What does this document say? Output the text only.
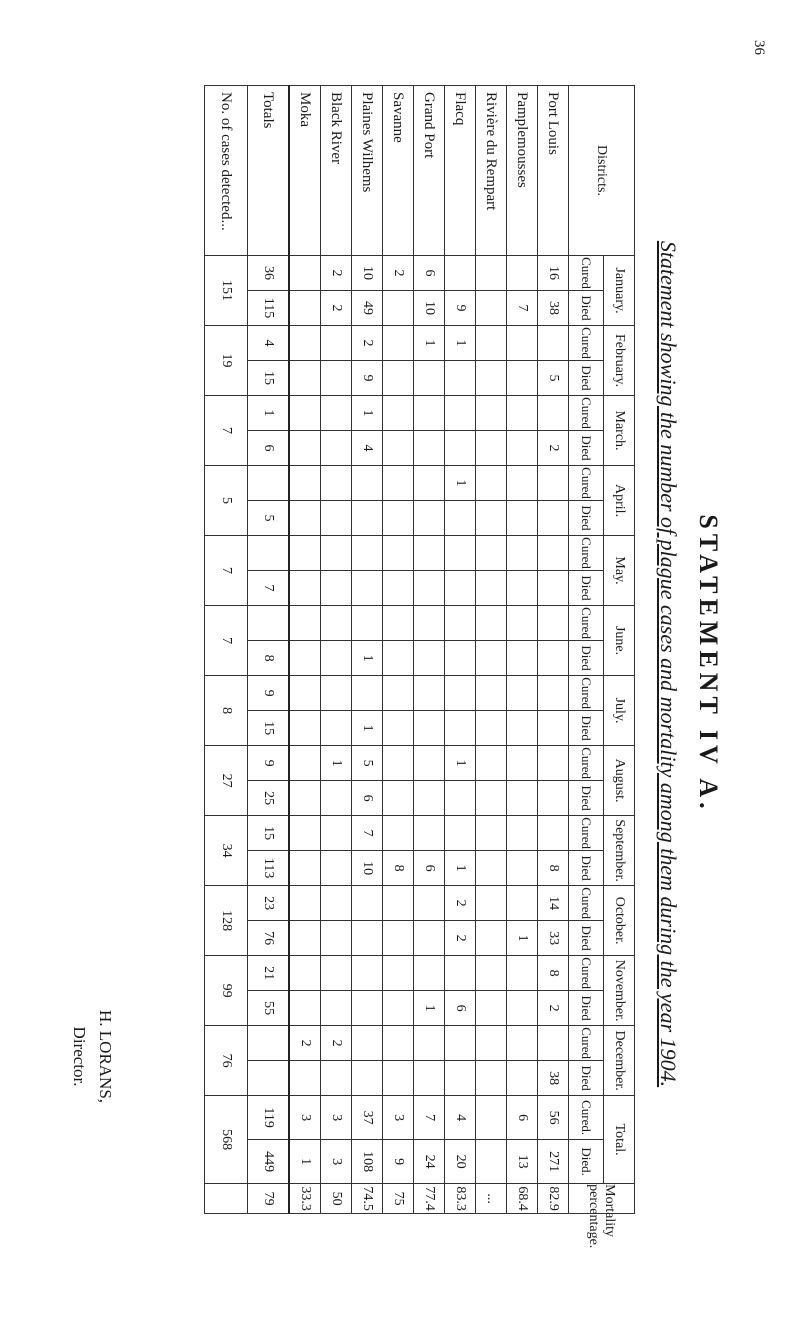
36
STATEMENT IV A.
Statement showing the number of plague cases and mortality among them during the year 1904.
Districts.	January.		February.		March.		April.		May.		June.		July.		August.		September.		October.		November.		December.		Total.		Mortality percentage.
	Cured	Died	Cured	Died	Cured	Died	Cured	Died	Cured	Died	Cured	Died	Cured	Died	Cured	Died	Cured	Died	Cured	Died	Cured	Died	Cured	Died	Cured.	Died.	
Port Louis	16	38		5		2												8	14	33	8	2		38	56	271	82.9
Pamplemousses		7																		1					6	13	68.4
Rivière du Rempart																											...
Flacq		9	1				1								1			1	2	2		6			4	20	83.3
Grand Port	6	10	1															6				1			7	24	77.4
Savanne	2																	8							3	9	75
Plaines Wilhems	10	49	2	9	1	4						1		1	5	6	7	10							37	108	74.5
Black River	2	2													1								2		3	3	50
Moka																							2		3	1	33.3
Totals	36	115	4	15	1	6		5		7		8	9	15	9	25	15	113	23	76	21	55			119	449	79
No. of cases detected...	151		19		7		5		7		7		8		27		34		128		99		76		568		
H. LORANS,
Director.
